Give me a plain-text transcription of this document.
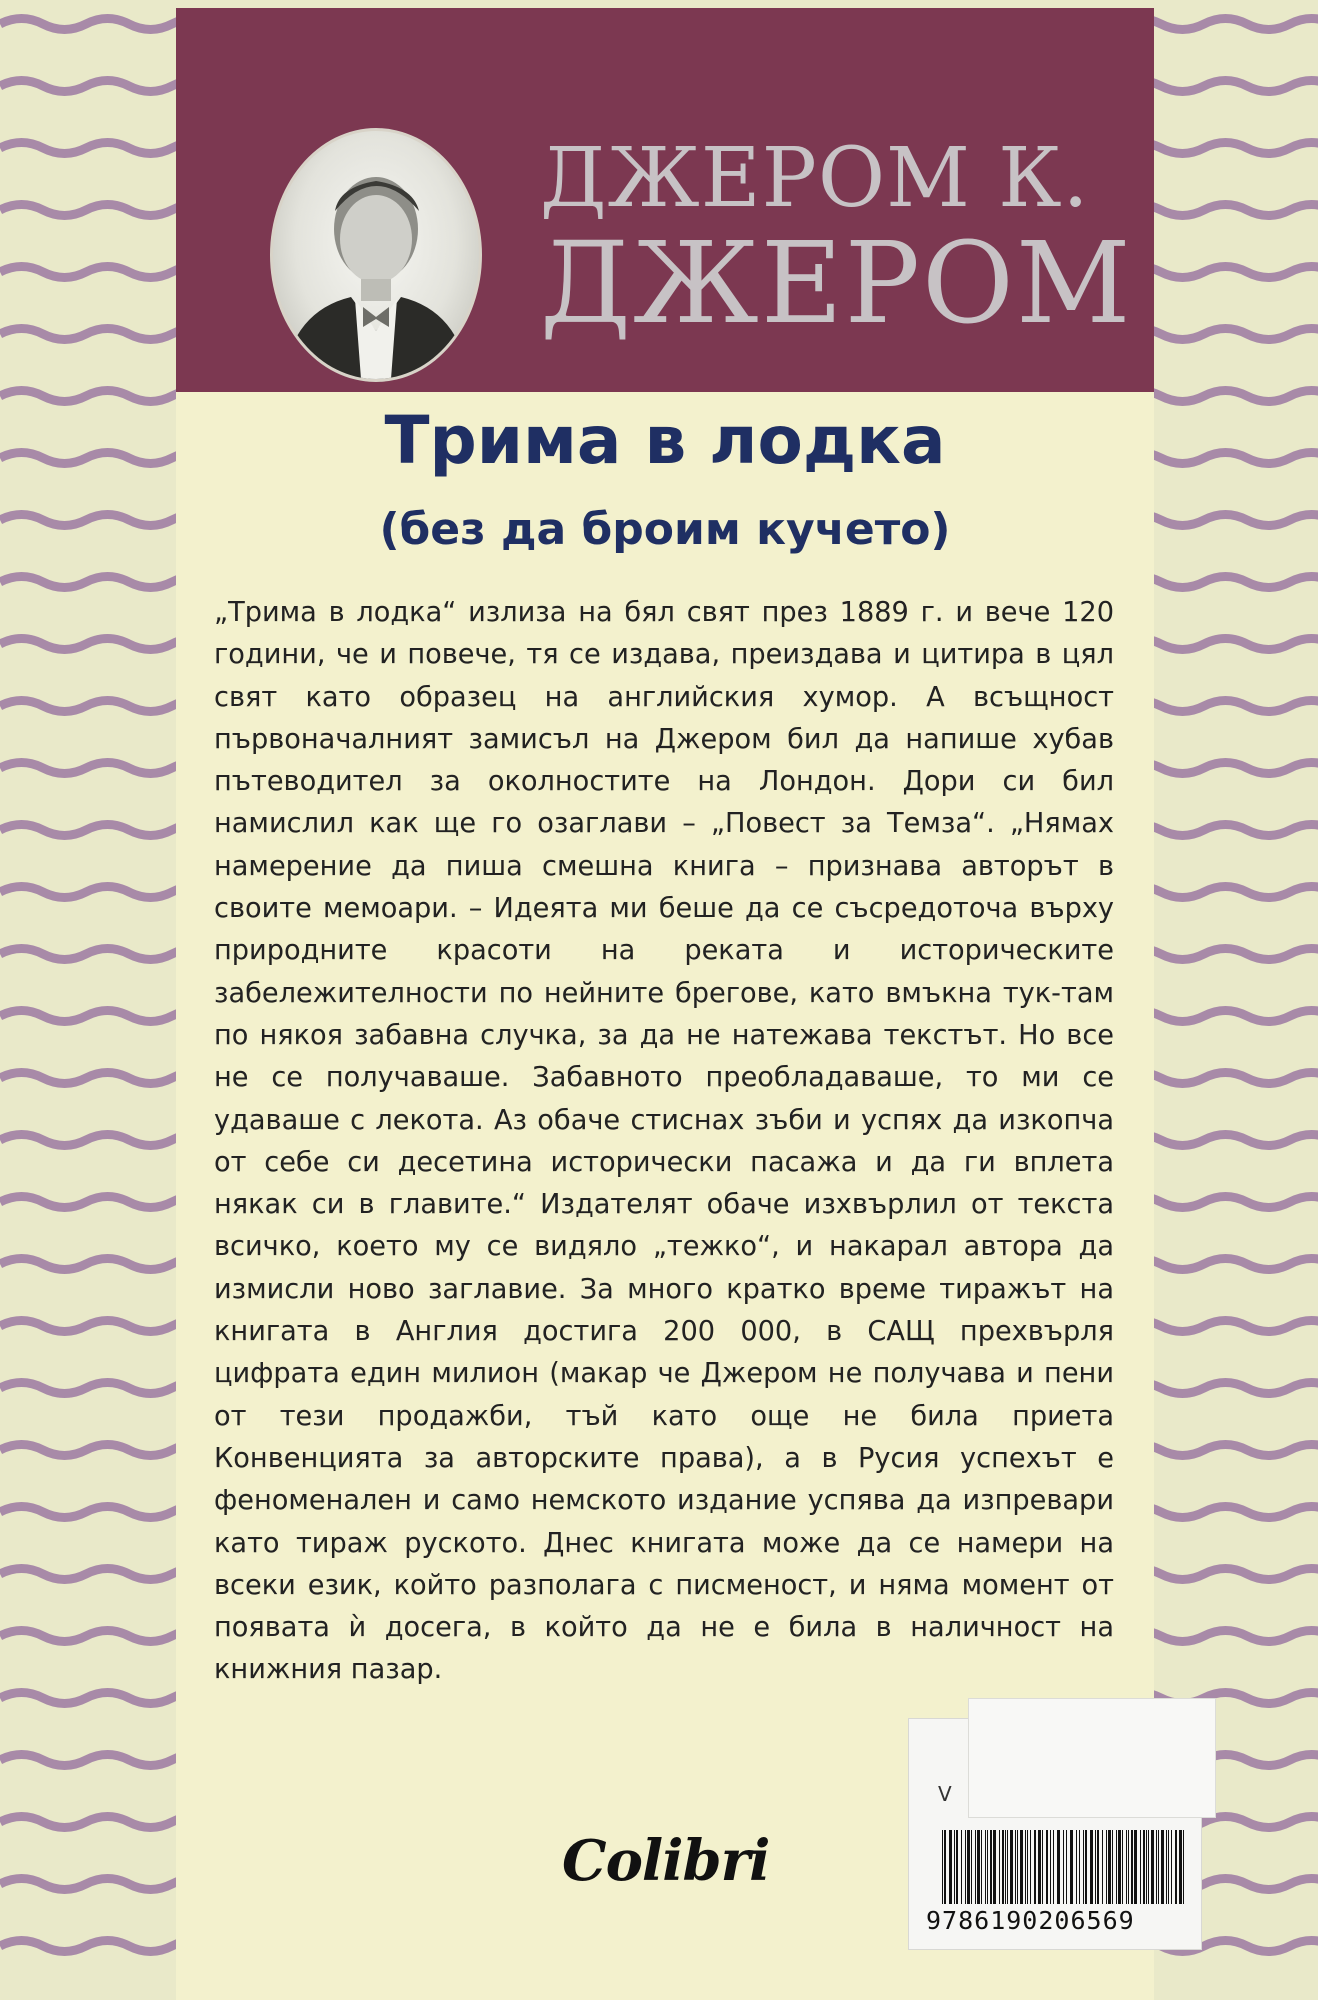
ДЖЕРОМ К.
ДЖЕРОМ
Трима в лодка
(без да броим кучето)

„Трима в лодка“ излиза на бял свят през 1889 г. и вече 120 години, че и повече, тя се издава, преиздава и цитира в цял свят като образец на английския хумор. А всъщност първоначалният замисъл на Джером бил да напише хубав пътеводител за околностите на Лондон. Дори си бил намислил как ще го озаглави – „Повест за Темза“. „Нямах намерение да пиша смешна книга – признава авторът в своите мемоари. – Идеята ми беше да се съсредоточа върху природните красоти на реката и историческите забележителности по нейните брегове, като вмъкна тук-там по някоя забавна случка, за да не натежава текстът. Но все не се получаваше. Забавното преобладаваше, то ми се удаваше с лекота. Аз обаче стиснах зъби и успях да изкопча от себе си десетина исторически пасажа и да ги вплета някак си в главите.“ Издателят обаче изхвърлил от текста всичко, което му се видяло „тежко“, и накарал автора да измисли ново заглавие. За много кратко време тиражът на книгата в Англия достига 200 000, в САЩ прехвърля цифрата един милион (макар че Джером не получава и пени от тези продажби, тъй като още не била приета Конвенцията за авторските права), а в Русия успехът е феноменален и само немското издание успява да изпревари като тираж руското. Днес книгата може да се намери на всеки език, който разполага с писменост, и няма момент от появата ѝ досега, в който да не е била в наличност на книжния пазар.

V
9786190206569
Colibri
